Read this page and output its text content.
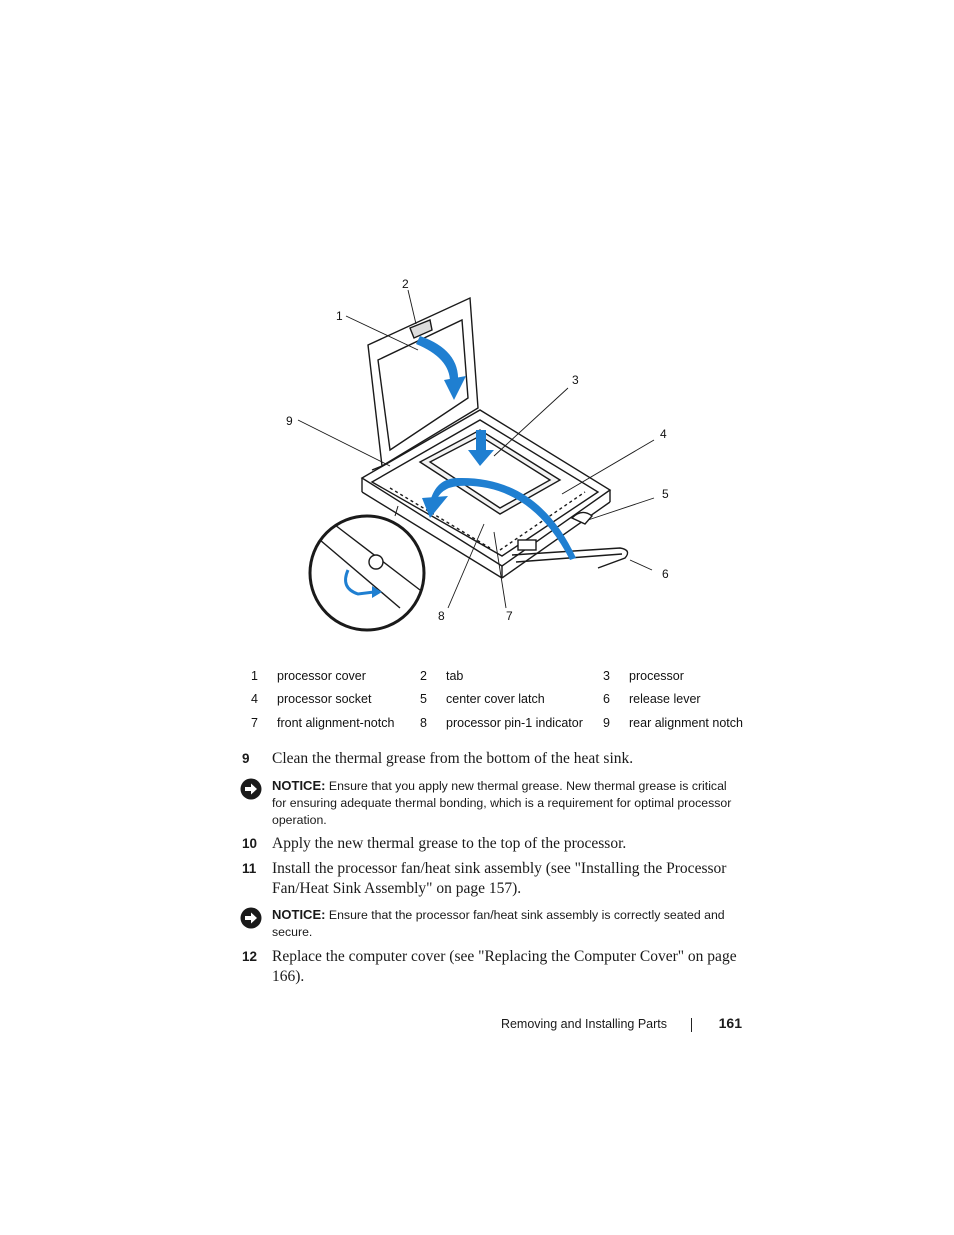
1
2
3
4
5
6
7
8
9
1	processor cover	2	tab	3	processor
4	processor socket	5	center cover latch	6	release lever
7	front alignment-notch	8	processor pin-1 indicator	9	rear alignment notch
9 Clean the thermal grease from the bottom of the heat sink.
NOTICE: Ensure that you apply new thermal grease. New thermal grease is critical for ensuring adequate thermal bonding, which is a requirement for optimal processor operation.
10 Apply the new thermal grease to the top of the processor.
11 Install the processor fan/heat sink assembly (see "Installing the Processor Fan/Heat Sink Assembly" on page 157).
NOTICE: Ensure that the processor fan/heat sink assembly is correctly seated and secure.
12 Replace the computer cover (see "Replacing the Computer Cover" on page 166).
Removing and Installing Parts	161
